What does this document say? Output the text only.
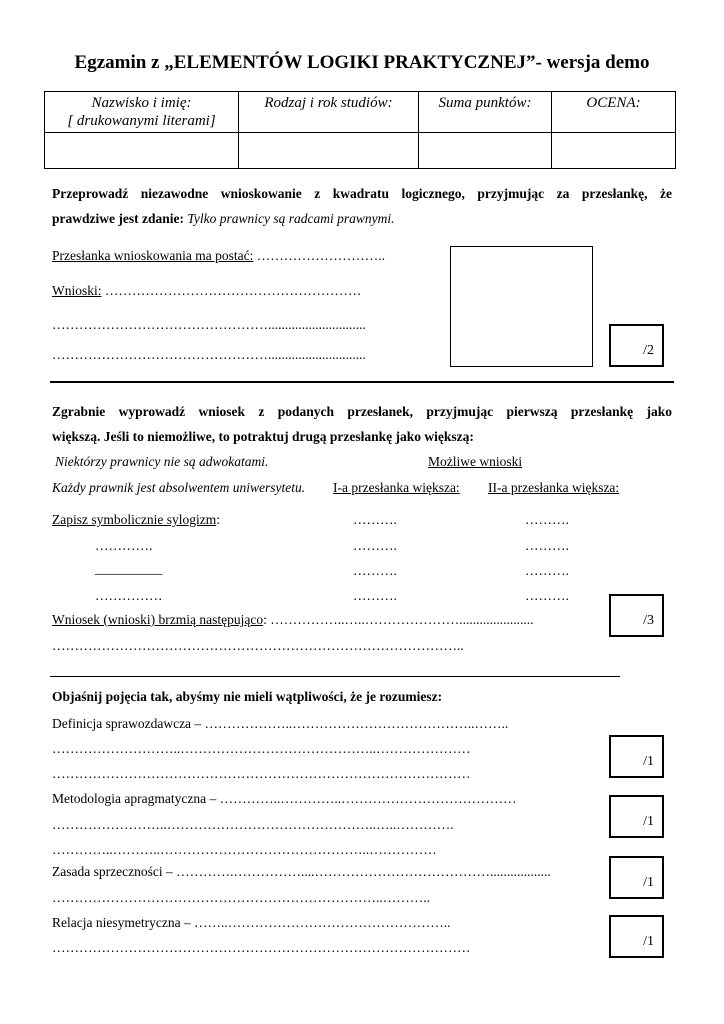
Egzamin z „ELEMENTÓW LOGIKI PRAKTYCZNEJ”- wersja demo
Nazwisko i imię:
[ drukowanymi literami]	Rodzaj i rok studiów:	Suma punktów:	OCENA:

Przeprowadź niezawodne wnioskowanie z kwadratu logicznego, przyjmując za przesłankę, że
prawdziwe jest zdanie: Tylko prawnicy są radcami prawnymi.
Przesłanka wnioskowania ma postać: ………………………..
Wnioski: …………………………………………………
………………………………………….............................
………………………………………….............................	/2
Zgrabnie wyprowadź wniosek z podanych przesłanek, przyjmując pierwszą przesłankę jako
większą. Jeśli to niemożliwe, to potraktuj drugą przesłankę jako większą:
Niektórzy prawnicy nie są adwokatami.	Możliwe wnioski
Każdy prawnik jest absolwentem uniwersytetu. I-a przesłanka większa: II-a przesłanka większa:
Zapisz symbolicznie sylogizm:	……….	……….
………….	……….	……….
__________	……….	……….
……………	……….	……….
Wniosek (wnioski) brzmią następująco: ……………..…..…………………......................
………………………………………………………………………………..
/3
Objaśnij pojęcia tak, abyśmy nie mieli wątpliwości, że je rozumiesz:
Definicja sprawozdawcza – ………………..…………………………………..……..
………………………..……………………………………..…………………
…………………………………………………………………………………
/1
Metodologia apragmatyczna – …………..…………..…………………………………
……………………..………………………………………..…..………….
…………..………..………………………………………..……………
/1
Zasada sprzeczności – ………….……………....…………………………………..................
………………………………………………………………..………..
/1
Relacja niesymetryczna – ……..…………………………………………..
…………………………………………………………………………………	/1
